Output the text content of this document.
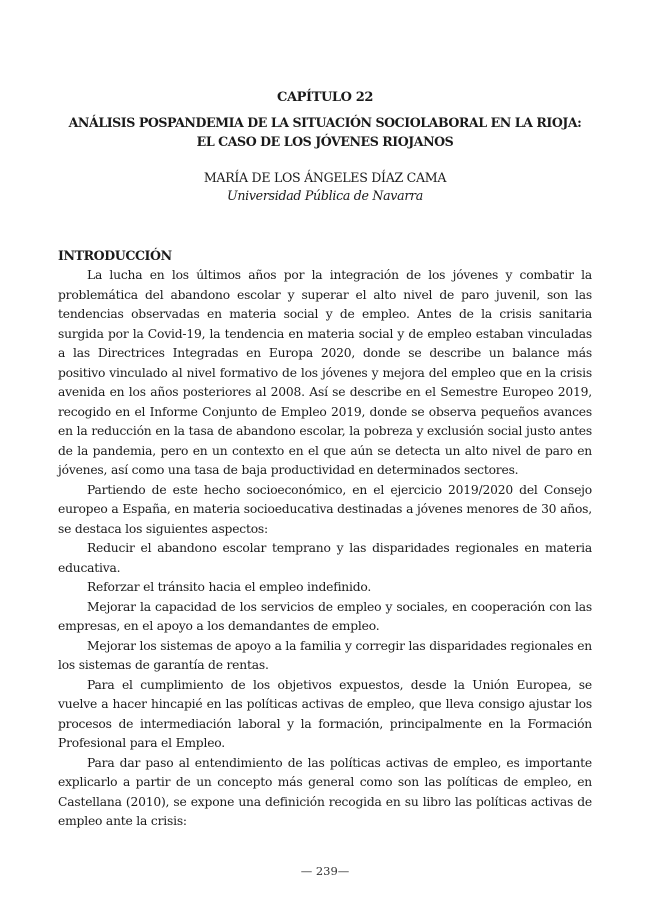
CAPÍTULO 22
ANÁLISIS POSPANDEMIA DE LA SITUACIÓN SOCIOLABORAL EN LA RIOJA: EL CASO DE LOS JÓVENES RIOJANOS
MARÍA DE LOS ÁNGELES DÍAZ CAMA
Universidad Pública de Navarra
INTRODUCCIÓN

La lucha en los últimos años por la integración de los jóvenes y combatir la problemática del abandono escolar y superar el alto nivel de paro juvenil, son las tendencias observadas en materia social y de empleo. Antes de la crisis sanitaria surgida por la Covid-19, la tendencia en materia social y de empleo estaban vinculadas a las Directrices Integradas en Europa 2020, donde se describe un balance más positivo vinculado al nivel formativo de los jóvenes y mejora del empleo que en la crisis avenida en los años posteriores al 2008. Así se describe en el Semestre Europeo 2019, recogido en el Informe Conjunto de Empleo 2019, donde se observa pequeños avances en la reducción en la tasa de abandono escolar, la pobreza y exclusión social justo antes de la pandemia, pero en un contexto en el que aún se detecta un alto nivel de paro en jóvenes, así como una tasa de baja productividad en determinados sectores.

Partiendo de este hecho socioeconómico, en el ejercicio 2019/2020 del Consejo europeo a España, en materia socioeducativa destinadas a jóvenes menores de 30 años, se destaca los siguientes aspectos:

Reducir el abandono escolar temprano y las disparidades regionales en materia educativa.

Reforzar el tránsito hacia el empleo indefinido.

Mejorar la capacidad de los servicios de empleo y sociales, en cooperación con las empresas, en el apoyo a los demandantes de empleo.

Mejorar los sistemas de apoyo a la familia y corregir las disparidades regionales en los sistemas de garantía de rentas.

Para el cumplimiento de los objetivos expuestos, desde la Unión Europea, se vuelve a hacer hincapié en las políticas activas de empleo, que lleva consigo ajustar los procesos de intermediación laboral y la formación, principalmente en la Formación Profesional para el Empleo.

Para dar paso al entendimiento de las políticas activas de empleo, es importante explicarlo a partir de un concepto más general como son las políticas de empleo, en Castellana (2010), se expone una definición recogida en su libro las políticas activas de empleo ante la crisis:

— 239—
